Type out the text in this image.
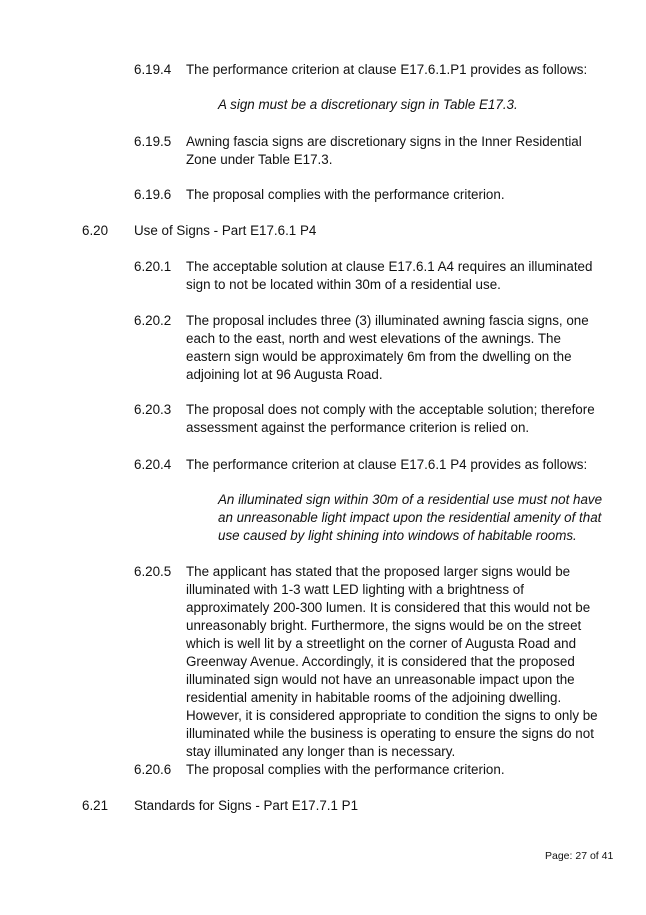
6.19.4 The performance criterion at clause E17.6.1.P1 provides as follows:
A sign must be a discretionary sign in Table E17.3.
6.19.5 Awning fascia signs are discretionary signs in the Inner Residential Zone under Table E17.3.
6.19.6 The proposal complies with the performance criterion.
6.20 Use of Signs - Part E17.6.1 P4
6.20.1 The acceptable solution at clause E17.6.1 A4 requires an illuminated sign to not be located within 30m of a residential use.
6.20.2 The proposal includes three (3) illuminated awning fascia signs, one each to the east, north and west elevations of the awnings. The eastern sign would be approximately 6m from the dwelling on the adjoining lot at 96 Augusta Road.
6.20.3 The proposal does not comply with the acceptable solution; therefore assessment against the performance criterion is relied on.
6.20.4 The performance criterion at clause E17.6.1 P4 provides as follows:
An illuminated sign within 30m of a residential use must not have an unreasonable light impact upon the residential amenity of that use caused by light shining into windows of habitable rooms.
6.20.5 The applicant has stated that the proposed larger signs would be illuminated with 1-3 watt LED lighting with a brightness of approximately 200-300 lumen. It is considered that this would not be unreasonably bright. Furthermore, the signs would be on the street which is well lit by a streetlight on the corner of Augusta Road and Greenway Avenue. Accordingly, it is considered that the proposed illuminated sign would not have an unreasonable impact upon the residential amenity in habitable rooms of the adjoining dwelling. However, it is considered appropriate to condition the signs to only be illuminated while the business is operating to ensure the signs do not stay illuminated any longer than is necessary.
6.20.6 The proposal complies with the performance criterion.
6.21 Standards for Signs - Part E17.7.1 P1
Page: 27 of 41
